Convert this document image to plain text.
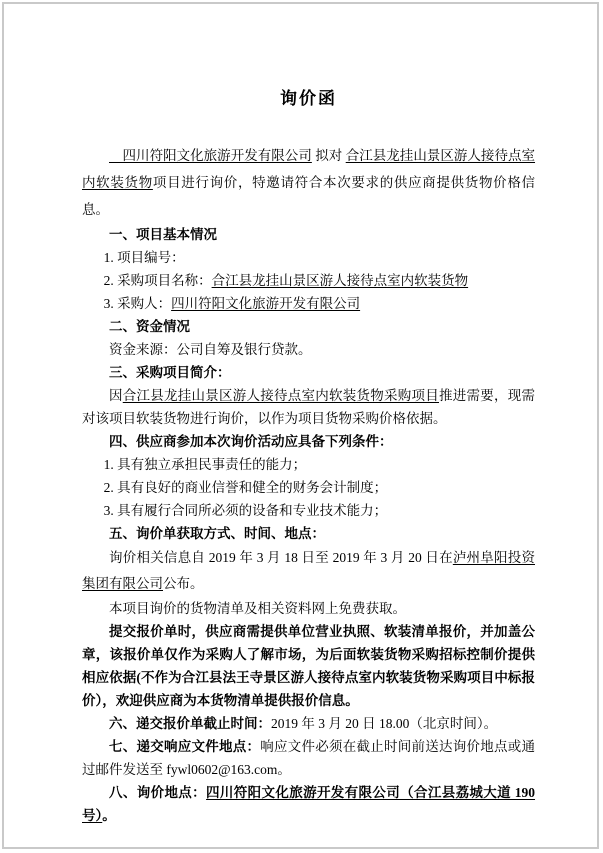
询价函

　四川符阳文化旅游开发有限公司 拟对 合江县龙挂山景区游人接待点室内软装货物项目进行询价，特邀请符合本次要求的供应商提供货物价格信息。

一、项目基本情况

1. 项目编号：

2. 采购项目名称：合江县龙挂山景区游人接待点室内软装货物

3. 采购人：四川符阳文化旅游开发有限公司

二、资金情况

资金来源：公司自筹及银行贷款。

三、采购项目简介：

因合江县龙挂山景区游人接待点室内软装货物采购项目推进需要，现需对该项目软装货物进行询价，以作为项目货物采购价格依据。

四、供应商参加本次询价活动应具备下列条件：

1. 具有独立承担民事责任的能力；

2. 具有良好的商业信誉和健全的财务会计制度；

3. 具有履行合同所必须的设备和专业技术能力；

五、询价单获取方式、时间、地点：

询价相关信息自 2019 年 3 月 18 日至 2019 年 3 月 20 日在泸州阜阳投资集团有限公司公布。

本项目询价的货物清单及相关资料网上免费获取。

提交报价单时，供应商需提供单位营业执照、软装清单报价，并加盖公章，该报价单仅作为采购人了解市场，为后面软装货物采购招标控制价提供相应依据(不作为合江县法王寺景区游人接待点室内软装货物采购项目中标报价），欢迎供应商为本货物清单提供报价信息。

六、递交报价单截止时间：2019 年 3 月 20 日 18.00（北京时间）。

七、递交响应文件地点：响应文件必须在截止时间前送达询价地点或通过邮件发送至 fywl0602@163.com。

八、询价地点：四川符阳文化旅游开发有限公司（合江县荔城大道 190 号）。
